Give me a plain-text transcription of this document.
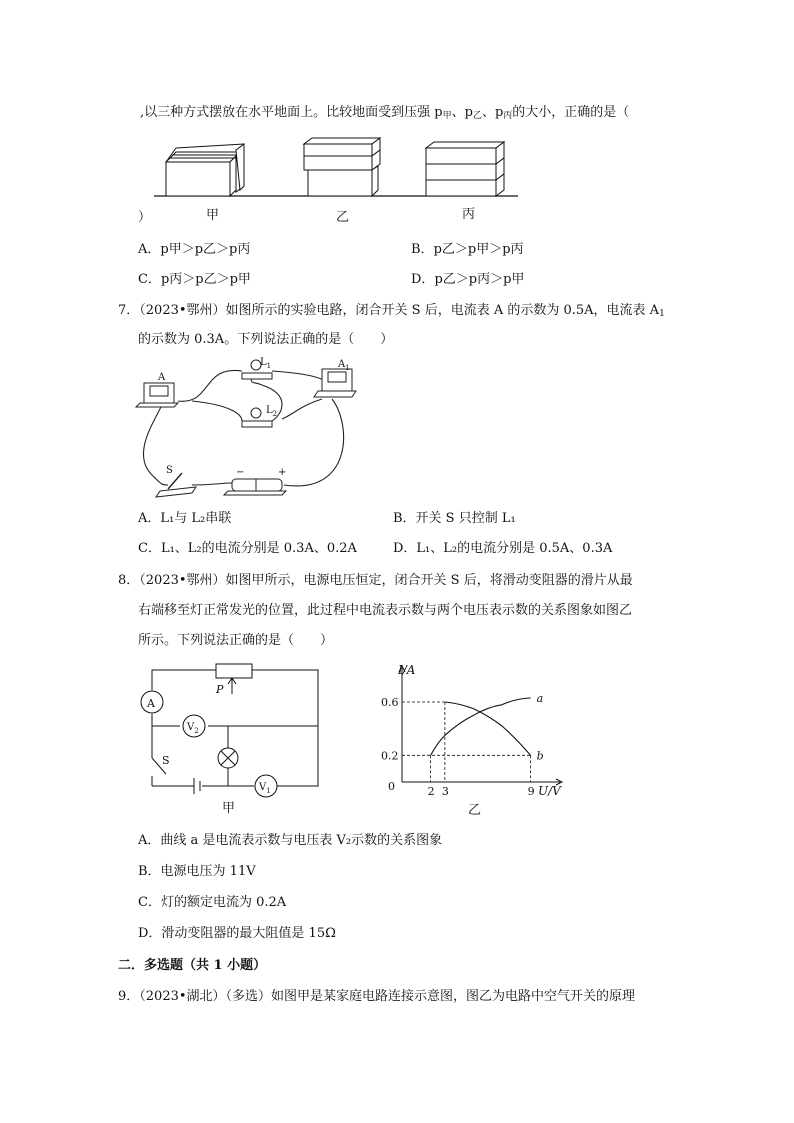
,以三种方式摆放在水平地面上。比较地面受到压强 $p_甲$、$p_乙$、$p_丙$的大小，正确的是（
甲	乙	丙
）
A．p甲＞p乙＞p丙	B．p乙＞p甲＞p丙
C．p丙＞p乙＞p甲	D．p乙＞p丙＞p甲
7．（2023•鄂州）如图所示的实验电路，闭合开关 S 后，电流表 A 的示数为 0.5A，电流表 $A_1$
的示数为 0.3A。下列说法正确的是（　　）
A
$L_1$
$L_2$
$A_1$
S	−	+
A．L₁与 L₂串联	B．开关 S 只控制 L₁
C．L₁、L₂的电流分别是 0.3A、0.2A	D．L₁、L₂的电流分别是 0.5A、0.3A
8．（2023•鄂州）如图甲所示，电源电压恒定，闭合开关 S 后，将滑动变阻器的滑片从最
右端移至灯正常发光的位置，此过程中电流表示数与两个电压表示数的关系图象如图乙
所示。下列说法正确的是（　　）
A
P
$V_2$
$V_1$
S
甲
2 3	9
0.2
0.6	a
b
I/A
U/V
0
乙
A．曲线 a 是电流表示数与电压表 V₂示数的关系图象
B．电源电压为 11V
C．灯的额定电流为 0.2A
D．滑动变阻器的最大阻值是 15Ω
二．多选题（共 1 小题）
9．（2023•湖北）（多选）如图甲是某家庭电路连接示意图，图乙为电路中空气开关的原理
